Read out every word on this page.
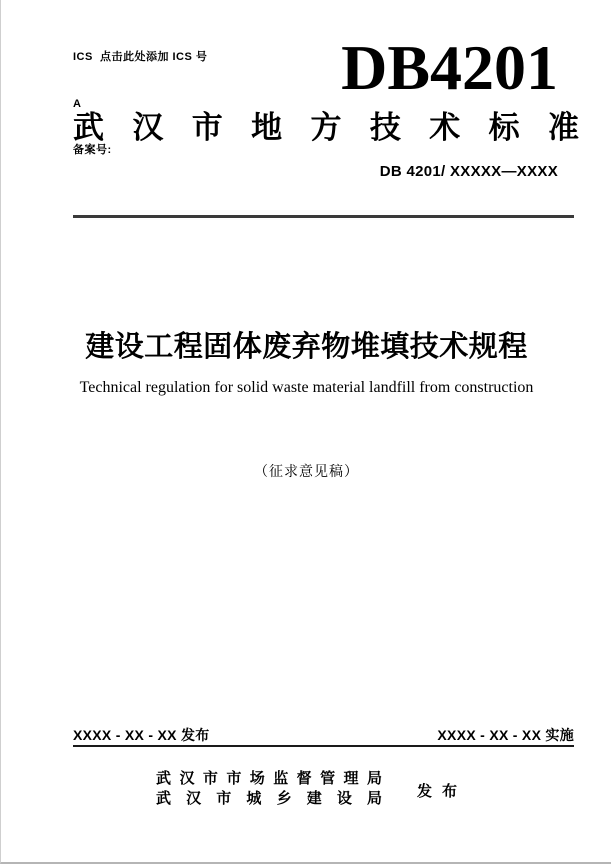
ICS  点击此处添加 ICS 号

A

备案号:

DB4201
武汉市地方技术标准
DB 4201/ XXXXX—XXXX
建设工程固体废弃物堆填技术规程
Technical regulation for solid waste material landfill from construction
（征求意见稿）
XXXX - XX - XX 发布	XXXX - XX - XX 实施
武汉市市场监督管理局
武汉市城乡建设局 发布
